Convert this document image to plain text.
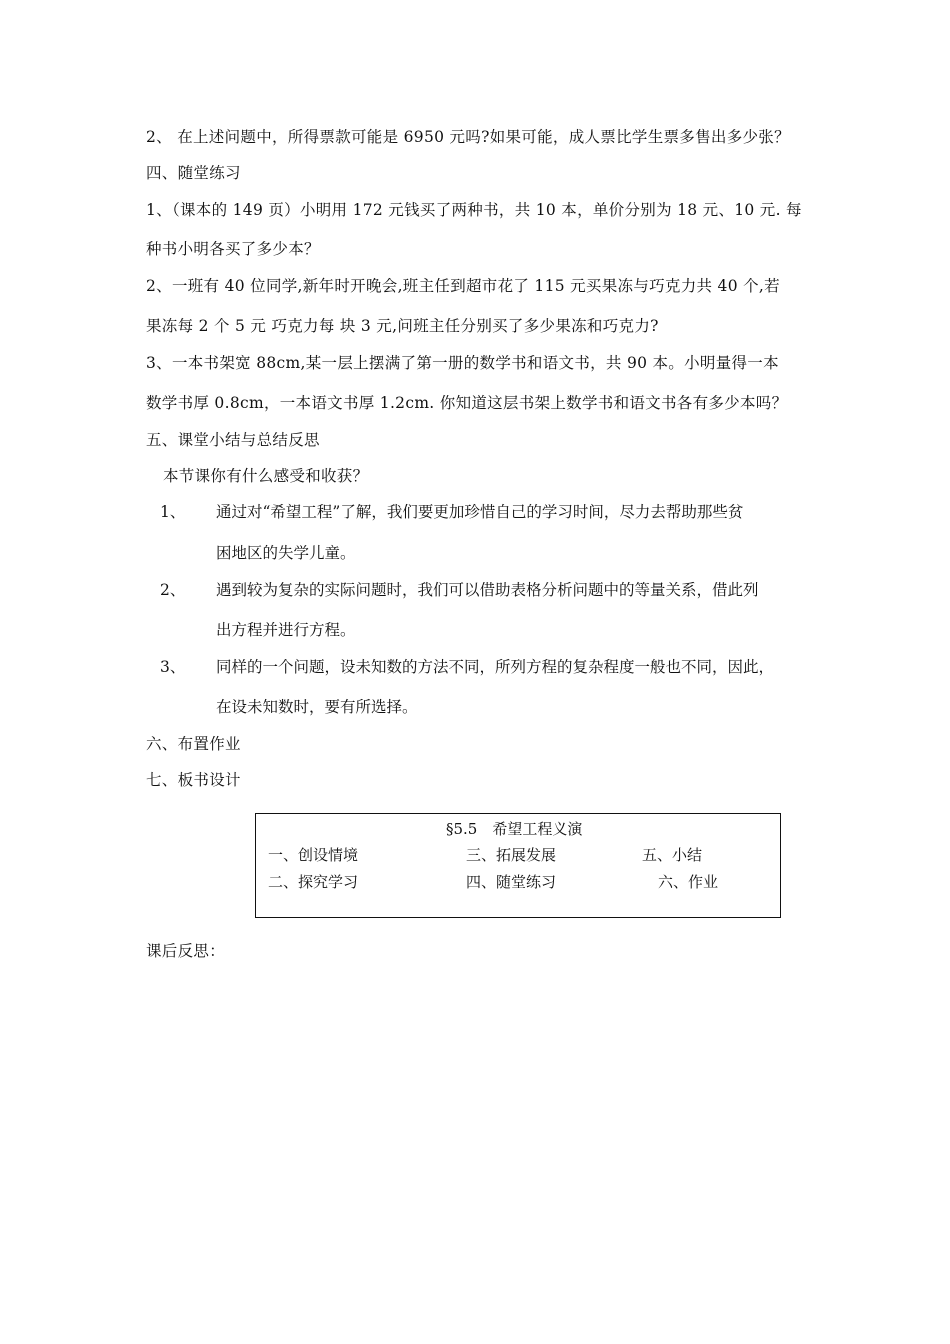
2、 在上述问题中，所得票款可能是 6950 元吗?如果可能，成人票比学生票多售出多少张？
四、随堂练习
1、（课本的 149 页）小明用 172 元钱买了两种书，共 10 本，单价分别为 18 元、10 元. 每
种书小明各买了多少本？
2、一班有 40 位同学,新年时开晚会,班主任到超市花了 115 元买果冻与巧克力共 40 个,若
果冻每 2 个 5 元 巧克力每 块 3 元,问班主任分别买了多少果冻和巧克力?
3、一本书架宽 88cm,某一层上摆满了第一册的数学书和语文书，共 90 本。小明量得一本
数学书厚 0.8cm，一本语文书厚 1.2cm. 你知道这层书架上数学书和语文书各有多少本吗？
五、课堂小结与总结反思
本节课你有什么感受和收获？
1、 通过对“希望工程”了解，我们要更加珍惜自己的学习时间，尽力去帮助那些贫
困地区的失学儿童。
2、 遇到较为复杂的实际问题时，我们可以借助表格分析问题中的等量关系，借此列
出方程并进行方程。
3、 同样的一个问题，设未知数的方法不同，所列方程的复杂程度一般也不同，因此，
在设未知数时，要有所选择。
六、布置作业
七、板书设计
§5.5　希望工程义演
一、创设情境	三、拓展发展	五、小结
二、探究学习	四、随堂练习	六、作业
课后反思：
